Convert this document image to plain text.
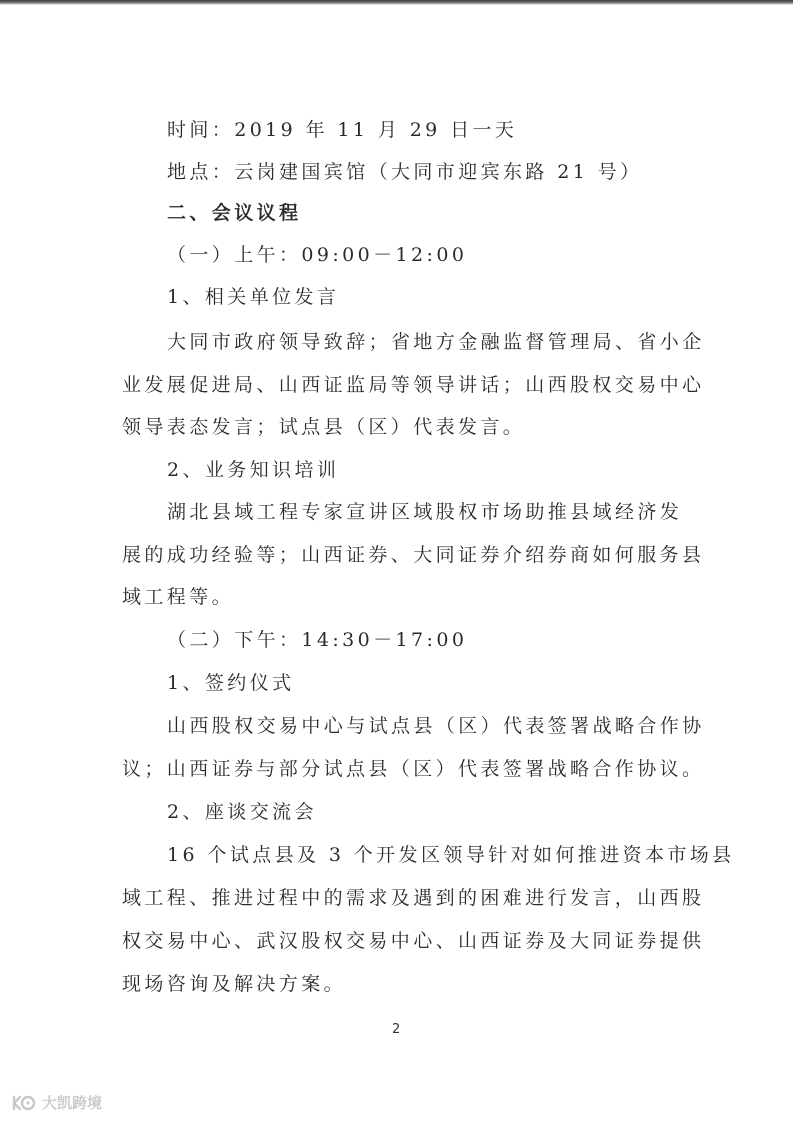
时间：2019 年 11 月 29 日一天
地点：云岗建国宾馆（大同市迎宾东路 21 号）
二、会议议程
（一）上午：09:00－12:00
1、相关单位发言
大同市政府领导致辞；省地方金融监督管理局、省小企
业发展促进局、山西证监局等领导讲话；山西股权交易中心
领导表态发言；试点县（区）代表发言。
2、业务知识培训
湖北县域工程专家宣讲区域股权市场助推县域经济发
展的成功经验等；山西证券、大同证券介绍券商如何服务县
域工程等。
（二）下午：14:30－17:00
1、签约仪式
山西股权交易中心与试点县（区）代表签署战略合作协
议；山西证券与部分试点县（区）代表签署战略合作协议。
2、座谈交流会
16 个试点县及 3 个开发区领导针对如何推进资本市场县
域工程、推进过程中的需求及遇到的困难进行发言，山西股
权交易中心、武汉股权交易中心、山西证券及大同证券提供
现场咨询及解决方案。
2
大凯跨境
